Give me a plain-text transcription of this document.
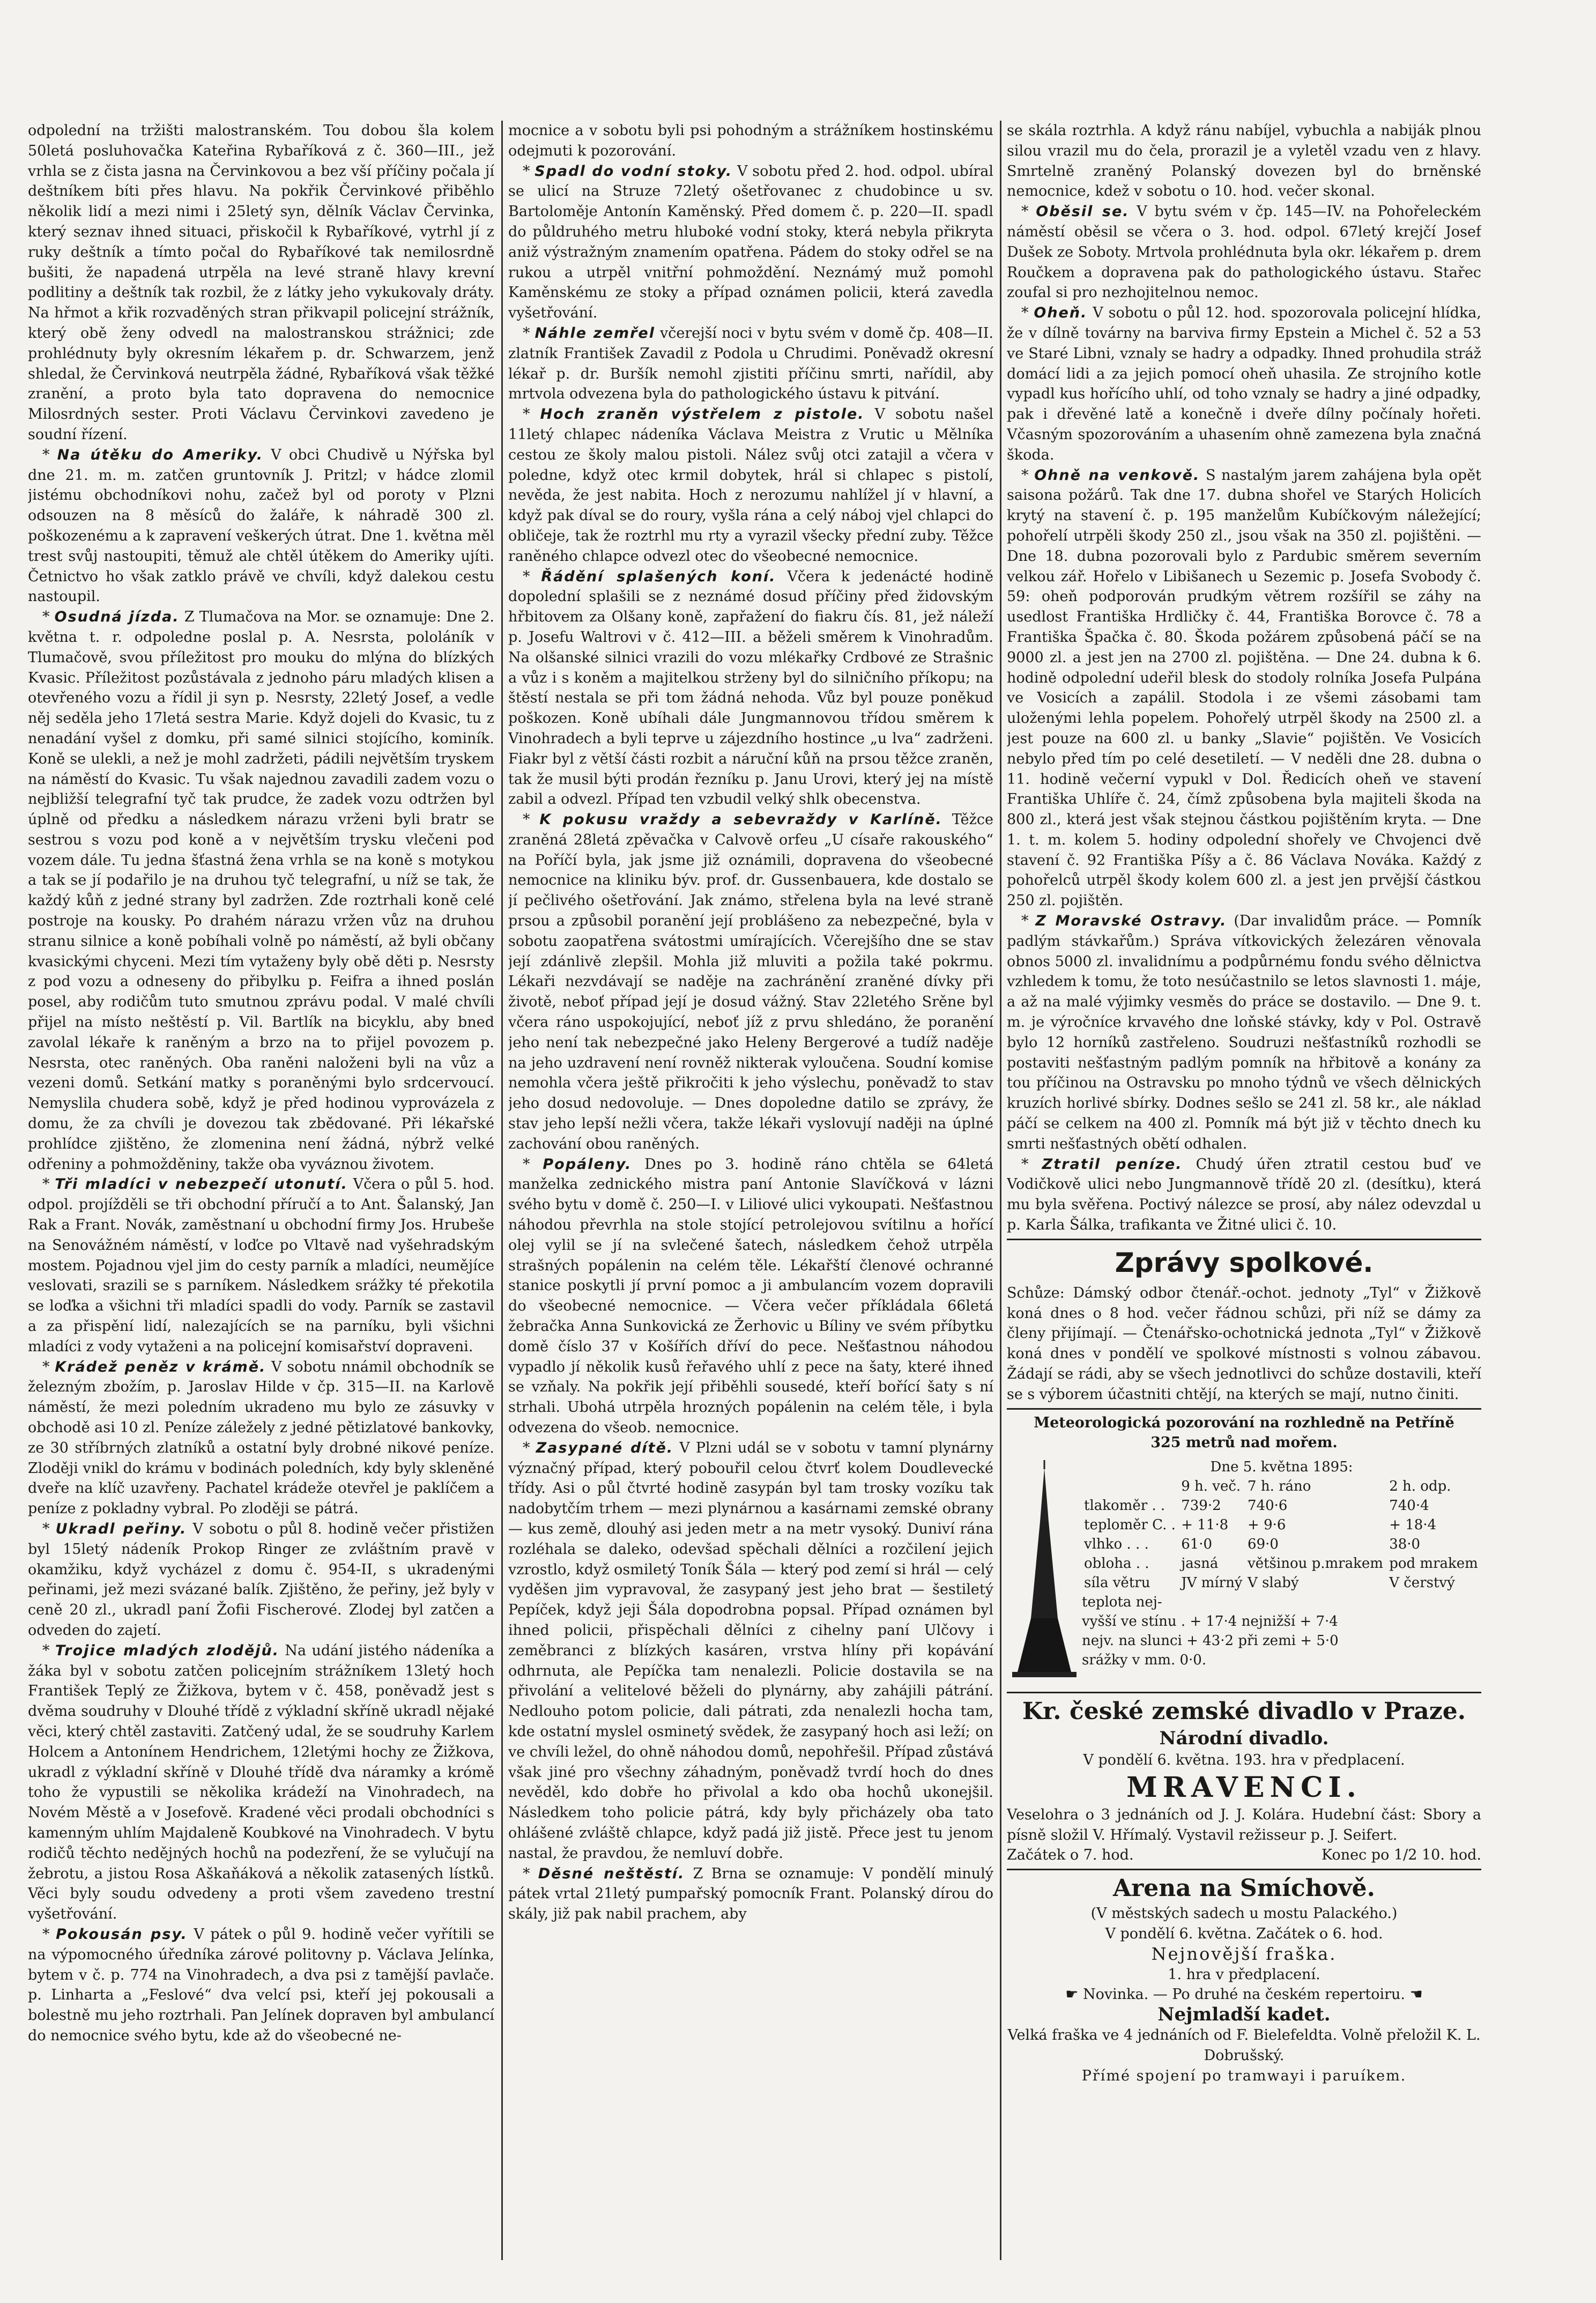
odpolední na tržišti malostranském. Tou dobou šla kolem 50letá posluhovačka Kateřina Rybaříková z č. 360—III., jež vrhla se z čista jasna na Červinkovou a bez vší příčiny počala jí deštníkem bíti přes hlavu. Na pokřik Červinkové přiběhlo několik lidí a mezi nimi i 25letý syn, dělník Václav Červinka, který seznav ihned situaci, přiskočil k Rybaříkové, vytrhl jí z ruky deštník a tímto počal do Rybaříkové tak nemilosrdně bušiti, že napadená utrpěla na levé straně hlavy krevní podlitiny a deštník tak rozbil, že z látky jeho vykukovaly dráty. Na hřmot a křik rozvaděných stran přikvapil policejní strážník, který obě ženy odvedl na malostranskou strážnici; zde prohlédnuty byly okresním lékařem p. dr. Schwarzem, jenž shledal, že Červinková neutrpěla žádné, Rybaříková však těžké zranění, a proto byla tato dopravena do nemocnice Milosrdných sester. Proti Václavu Červinkovi zavedeno je soudní řízení.

 * Na útěku do Ameriky. V obci Chudivě u Nýřska byl dne 21. m. m. zatčen gruntovník J. Pritzl; v hádce zlomil jistému obchodníkovi nohu, začež byl od poroty v Plzni odsouzen na 8 měsíců do žaláře, k náhradě 300 zl. poškozenému a k zapravení veškerých útrat. Dne 1. května měl trest svůj nastoupiti, těmuž ale chtěl útěkem do Ameriky ujíti. Četnictvo ho však zatklo právě ve chvíli, když dalekou cestu nastoupil.

 * Osudná jízda. Z Tlumačova na Mor. se oznamuje: Dne 2. května t. r. odpoledne poslal p. A. Nesrsta, pololáník v Tlumačově, svou příležitost pro mouku do mlýna do blízkých Kvasic. Příležitost pozůstávala z jednoho páru mladých klisen a otevřeného vozu a řídil ji syn p. Nesrsty, 22letý Josef, a vedle něj seděla jeho 17letá sestra Marie. Když dojeli do Kvasic, tu z nenadání vyšel z domku, při samé silnici stojícího, kominík. Koně se ulekli, a než je mohl zadržeti, pádili největším tryskem na náměstí do Kvasic. Tu však najednou zavadili zadem vozu o nejbližší telegrafní tyč tak prudce, že zadek vozu odtržen byl úplně od předku a následkem nárazu vrženi byli bratr se sestrou s vozu pod koně a v největším trysku vlečeni pod vozem dále. Tu jedna šťastná žena vrhla se na koně s motykou a tak se jí podařilo je na druhou tyč telegrafní, u níž se tak, že každý kůň z jedné strany byl zadržen. Zde roztrhali koně celé postroje na kousky. Po drahém nárazu vržen vůz na druhou stranu silnice a koně pobíhali volně po náměstí, až byli občany kvasickými chyceni. Mezi tím vytaženy byly obě děti p. Nesrsty z pod vozu a odneseny do přibylku p. Feifra a ihned poslán posel, aby rodičům tuto smutnou zprávu podal. V malé chvíli přijel na místo neštěstí p. Vil. Bartlík na bicyklu, aby bned zavolal lékaře k raněným a brzo na to přijel povozem p. Nesrsta, otec raněných. Oba raněni naloženi byli na vůz a vezeni domů. Setkání matky s poraněnými bylo srdcervoucí. Nemyslila chudera sobě, když je před hodinou vyprovázela z domu, že za chvíli je dovezou tak zbědované. Při lékařské prohlídce zjištěno, že zlomenina není žádná, nýbrž velké odřeniny a pohmožděniny, takže oba vyváznou životem.

 * Tři mladíci v nebezpečí utonutí. Včera o půl 5. hod. odpol. projížděli se tři obchodní příručí a to Ant. Šalanský, Jan Rak a Frant. Novák, zaměstnaní u obchodní firmy Jos. Hrubeše na Senovážném náměstí, v loďce po Vltavě nad vyšehradským mostem. Pojadnou vjel jim do cesty parník a mladíci, neumějíce veslovati, srazili se s parníkem. Následkem srážky té překotila se loďka a všichni tři mladíci spadli do vody. Parník se zastavil a za přispění lidí, nalezajících se na parníku, byli všichni mladíci z vody vytaženi a na policejní komisařství dopraveni.

 * Krádež peněz v krámě. V sobotu nnámil obchodník se železným zbožím, p. Jaroslav Hilde v čp. 315—II. na Karlově náměstí, že mezi poledním ukradeno mu bylo ze zásuvky v obchodě asi 10 zl. Peníze záležely z jedné pětizlatové bankovky, ze 30 stříbrných zlatníků a ostatní byly drobné nikové peníze. Zloději vnikl do krámu v bodinách poledních, kdy byly skleněné dveře na klíč uzavřeny. Pachatel krádeže otevřel je paklíčem a peníze z pokladny vybral. Po zloději se pátrá.

 * Ukradl peřiny. V sobotu o půl 8. hodině večer přistižen byl 15letý nádeník Prokop Ringer ze zvláštním pravě v okamžiku, když vycházel z domu č. 954-II, s ukradenými peřinami, jež mezi svázané balík. Zjištěno, že peřiny, jež byly v ceně 20 zl., ukradl paní Žofii Fischerové. Zlodej byl zatčen a odveden do zajetí.

 * Trojice mladých zlodějů. Na udání jistého nádeníka a žáka byl v sobotu zatčen policejním strážníkem 13letý hoch František Teplý ze Žižkova, bytem v č. 458, poněvadž jest s dvěma soudruhy v Dlouhé třídě z výkladní skříně ukradl nějaké věci, který chtěl zastaviti. Zatčený udal, že se soudruhy Karlem Holcem a Antonínem Hendrichem, 12letými hochy ze Žižkova, ukradl z výkladní skříně v Dlouhé třídě dva náramky a krómě toho že vypustili se několika krádeží na Vinohradech, na Novém Městě a v Josefově. Kradené věci prodali obchodníci s kamenným uhlím Majdaleně Koubkové na Vinohradech. V bytu rodičů těchto nedějných hochů na podezření, že se vylučují na žebrotu, a jistou Rosa Aškaňáková a několik zatasených lístků. Věci byly soudu odvedeny a proti všem zavedeno trestní vyšetřování.

 * Pokousán psy. V pátek o půl 9. hodině večer vyřítili se na výpomocného úředníka zárové politovny p. Václava Jelínka, bytem v č. p. 774 na Vinohradech, a dva psi z tamější pavlače. p. Linharta a „Feslové“ dva velcí psi, kteří jej pokousali a bolestně mu jeho roztrhali. Pan Jelínek dopraven byl ambulancí do nemocnice svého bytu, kde až do všeobecné ne-

mocnice a v sobotu byli psi pohodným a strážníkem hostinskému odejmuti k pozorování.

 * Spadl do vodní stoky. V sobotu před 2. hod. odpol. ubíral se ulicí na Struze 72letý ošetřovanec z chudobince u sv. Bartoloměje Antonín Kaměnský. Před domem č. p. 220—II. spadl do půldruhého metru hluboké vodní stoky, která nebyla přikryta aniž výstražným znamením opatřena. Pádem do stoky odřel se na rukou a utrpěl vnitřní pohmoždění. Neznámý muž pomohl Kaměnskému ze stoky a případ oznámen policii, která zavedla vyšetřování.

 * Náhle zemřel včerejší noci v bytu svém v domě čp. 408—II. zlatník František Zavadil z Podola u Chrudimi. Poněvadž okresní lékař p. dr. Buršík nemohl zjistiti příčinu smrti, nařídil, aby mrtvola odvezena byla do pathologického ústavu k pitvání.

 * Hoch zraněn výstřelem z pistole. V sobotu našel 11letý chlapec nádeníka Václava Meistra z Vrutic u Mělníka cestou ze školy malou pistoli. Nález svůj otci zatajil a včera v poledne, když otec krmil dobytek, hrál si chlapec s pistolí, nevěda, že jest nabita. Hoch z nerozumu nahlížel jí v hlavní, a když pak díval se do roury, vyšla rána a celý náboj vjel chlapci do obličeje, tak že roztrhl mu rty a vyrazil všecky přední zuby. Těžce raněného chlapce odvezl otec do všeobecné nemocnice.

 * Řádění splašených koní. Včera k jedenácté hodině dopolední splašili se z neznámé dosud příčiny před židovským hřbitovem za Olšany koně, zapřažení do fiakru čís. 81, jež náleží p. Josefu Waltrovi v č. 412—III. a běželi směrem k Vinohradům. Na olšanské silnici vrazili do vozu mlékařky Crdbové ze Strašnic a vůz i s koněm a majitelkou strženy byl do silničního příkopu; na štěstí nestala se při tom žádná nehoda. Vůz byl pouze poněkud poškozen. Koně ubíhali dále Jungmannovou třídou směrem k Vinohradech a byli teprve u zájezdního hostince „u lva“ zadrženi. Fiakr byl z větší části rozbit a náruční kůň na prsou těžce zraněn, tak že musil býti prodán řezníku p. Janu Urovi, který jej na místě zabil a odvezl. Případ ten vzbudil velký shlk obecenstva.

 * K pokusu vraždy a sebevraždy v Karlíně. Těžce zraněná 28letá zpěvačka v Calvově orfeu „U císaře rakouského“ na Poříčí byla, jak jsme již oznámili, dopravena do všeobecné nemocnice na kliniku býv. prof. dr. Gussenbauera, kde dostalo se jí pečlivého ošetřování. Jak známo, střelena byla na levé straně prsou a způsobil poranění její problášeno za nebezpečné, byla v sobotu zaopatřena svátostmi umírajících. Včerejšího dne se stav její zdánlivě zlepšil. Mohla již mluviti a požila také pokrmu. Lékaři nezvdávají se naděje na zachránění zraněné dívky při životě, neboť případ její je dosud vážný. Stav 22letého Srěne byl včera ráno uspokojující, neboť jíž z prvu shledáno, že poranění jeho není tak nebezpečné jako Heleny Bergerové a tudíž naděje na jeho uzdravení není rovněž nikterak vyloučena. Soudní komise nemohla včera ještě přikročiti k jeho výslechu, poněvadž to stav jeho dosud nedovoluje. — Dnes dopoledne datilo se zprávy, že stav jeho lepší nežli včera, takže lékaři vyslovují naději na úplné zachování obou raněných.

 * Popáleny. Dnes po 3. hodině ráno chtěla se 64letá manželka zednického mistra paní Antonie Slavíčková v lázni svého bytu v domě č. 250—I. v Liliové ulici vykoupati. Nešťastnou náhodou převrhla na stole stojící petrolejovou svítilnu a hořící olej vylil se jí na svlečené šatech, následkem čehož utrpěla strašných popálenin na celém těle. Lékařští členové ochranné stanice poskytli jí první pomoc a ji ambulancím vozem dopravili do všeobecné nemocnice. — Včera večer příkládala 66letá žebračka Anna Sunkovická ze Žerhovic u Bíliny ve svém příbytku domě číslo 37 v Košířích dříví do pece. Nešťastnou náhodou vypadlo jí několik kusů řeřavého uhlí z pece na šaty, které ihned se vzňaly. Na pokřik její přiběhli sousedé, kteří bořící šaty s ní strhali. Ubohá utrpěla hrozných popálenin na celém těle, i byla odvezena do všeob. nemocnice.

 * Zasypané dítě. V Plzni udál se v sobotu v tamní plynárny význačný případ, který pobouřil celou čtvrť kolem Doudlevecké třídy. Asi o půl čtvrté hodině zasypán byl tam trosky vozíku tak nadobytčím trhem — mezi plynárnou a kasárnami zemské obrany — kus země, dlouhý asi jeden metr a na metr vysoký. Duniví rána rozléhala se daleko, odevšad spěchali dělníci a rozčilení jejich vzrostlo, když osmiletý Toník Šála — který pod zemí si hrál — celý vyděšen jim vypravoval, že zasypaný jest jeho brat — šestiletý Pepíček, když jeji Šála dopodrobna popsal. Případ oznámen byl ihned policii, přispěchali dělníci z cihelny paní Ulčovy i zeměbranci z blízkých kasáren, vrstva hlíny při kopávání odhrnuta, ale Pepíčka tam nenalezli. Policie dostavila se na přivolání a velitelové běželi do plynárny, aby zahájili pátrání. Nedlouho potom policie, dali pátrati, zda nenalezli hocha tam, kde ostatní myslel osminetý svědek, že zasypaný hoch asi leží; on ve chvíli ležel, do ohně náhodou domů, nepohřešil. Případ zůstává však jiné pro všechny záhadným, poněvadž tvrdí hoch do dnes nevěděl, kdo dobře ho přivolal a kdo oba hochů ukonejšil. Následkem toho policie pátrá, kdy byly přicházely oba tato ohlášené zvláště chlapce, když padá již jistě. Přece jest tu jenom nastal, že pravdou, že nemluví dobře.

 * Děsné neštěstí. Z Brna se oznamuje: V pondělí minulý pátek vrtal 21letý pumpařský pomocník Frant. Polanský dírou do skály, již pak nabil prachem, aby

se skála roztrhla. A když ránu nabíjel, vybuchla a nabiják plnou silou vrazil mu do čela, prorazil je a vyletěl vzadu ven z hlavy. Smrtelně zraněný Polanský dovezen byl do brněnské nemocnice, kdež v sobotu o 10. hod. večer skonal.

 * Oběsil se. V bytu svém v čp. 145—IV. na Pohořeleckém náměstí oběsil se včera o 3. hod. odpol. 67letý krejčí Josef Dušek ze Soboty. Mrtvola prohlédnuta byla okr. lékařem p. drem Roučkem a dopravena pak do pathologického ústavu. Stařec zoufal si pro nezhojitelnou nemoc.

 * Oheň. V sobotu o půl 12. hod. spozorovala policejní hlídka, že v dílně továrny na barviva firmy Epstein a Michel č. 52 a 53 ve Staré Libni, vznaly se hadry a odpadky. Ihned prohudila stráž domácí lidi a za jejich pomocí oheň uhasila. Ze strojního kotle vypadl kus hořícího uhlí, od toho vznaly se hadry a jiné odpadky, pak i dřevěné latě a konečně i dveře dílny počínaly hořeti. Včasným spozorováním a uhasením ohně zamezena byla značná škoda.

 * Ohně na venkově. S nastalým jarem zahájena byla opět saisona požárů. Tak dne 17. dubna shořel ve Starých Holicích krytý na stavení č. p. 195 manželům Kubíčkovým náležející; pohořelí utrpěli škody 250 zl., jsou však na 350 zl. pojištěni. — Dne 18. dubna pozorovali bylo z Pardubic směrem severním velkou zář. Hořelo v Libišanech u Sezemic p. Josefa Svobody č. 59: oheň podporován prudkým větrem rozšířil se záhy na usedlost Františka Hrdličky č. 44, Františka Borovce č. 78 a Františka Špačka č. 80. Škoda požárem způsobená páčí se na 9000 zl. a jest jen na 2700 zl. pojištěna. — Dne 24. dubna k 6. hodině odpolední udeřil blesk do stodoly rolníka Josefa Pulpána ve Vosicích a zapálil. Stodola i ze všemi zásobami tam uloženými lehla popelem. Pohořelý utrpěl škody na 2500 zl. a jest pouze na 600 zl. u banky „Slavie“ pojištěn. Ve Vosicích nebylo před tím po celé desetiletí. — V neděli dne 28. dubna o 11. hodině večerní vypukl v Dol. Ředicích oheň ve stavení Františka Uhlíře č. 24, čímž způsobena byla majiteli škoda na 800 zl., která jest však stejnou částkou pojištěním kryta. — Dne 1. t. m. kolem 5. hodiny odpolední shořely ve Chvojenci dvě stavení č. 92 Františka Píšy a č. 86 Václava Nováka. Každý z pohořelců utrpěl škody kolem 600 zl. a jest jen prvější částkou 250 zl. pojištěn.

 * Z Moravské Ostravy. (Dar invalidům práce. — Pomník padlým stávkařům.) Správa vítkovických železáren věnovala obnos 5000 zl. invalidnímu a podpůrnému fondu svého dělnictva vzhledem k tomu, že toto nesúčastnilo se letos slavnosti 1. máje, a až na malé výjimky vesměs do práce se dostavilo. — Dne 9. t. m. je výročníce krvavého dne loňské stávky, kdy v Pol. Ostravě bylo 12 horníků zastřeleno. Soudruzi nešťastníků rozhodli se postaviti nešťastným padlým pomník na hřbitově a konány za tou příčinou na Ostravsku po mnoho týdnů ve všech dělnických kruzích horlivé sbírky. Dodnes sešlo se 241 zl. 58 kr., ale náklad páčí se celkem na 400 zl. Pomník má být již v těchto dnech ku smrti nešťastných obětí odhalen.

 * Ztratil peníze. Chudý úřen ztratil cestou buď ve Vodičkově ulici nebo Jungmannově třídě 20 zl. (desítku), která mu byla svěřena. Poctivý nálezce se prosí, aby nález odevzdal u p. Karla Šálka, trafikanta ve Žitné ulici č. 10.

Zprávy spolkové.

Schůze: Dámský odbor čtenář.-ochot. jednoty „Tyl“ v Žižkově koná dnes o 8 hod. večer řádnou schůzi, při níž se dámy za členy přijímají. — Čtenářsko-ochotnická jednota „Tyl“ v Žižkově koná dnes v pondělí ve spolkové místnosti s volnou zábavou. Žádají se rádi, aby se všech jednotlivci do schůze dostavili, kteří se s výborem účastniti chtějí, na kterých se mají, nutno činiti.

Meteorologická pozorování na rozhledně na Petříně
325 metrů nad mořem.
Dne 5. května 1895:
	9 h. več.	7 h. ráno	2 h. odp.
tlakoměr . .	739·2	740·6	740·4
teploměr C. .	+ 11·8	+ 9·6	+ 18·4
vlhko . . .	61·0	69·0	38·0
obloha . .	jasná	většinou p.mrakem	pod mrakem
síla větru	JV mírný	V slabý	V čerstvý
teplota nej-
vyšší ve stínu . + 17·4 nejnižší + 7·4
nejv. na slunci + 43·2 při zemi + 5·0
srážky v mm. 0·0.
Kr. české zemské divadlo v Praze.
Národní divadlo.
V pondělí 6. května. 193. hra v předplacení.
MRAVENCI.

Veselohra o 3 jednáních od J. J. Kolára. Hudební část: Sbory a písně složil V. Hřímalý. Vystavil režisseur p. J. Seifert.

Začátek o 7. hod.	Konec po 1/2 10. hod.
Arena na Smíchově.
(V městských sadech u mostu Palackého.)
V pondělí 6. května. Začátek o 6. hod.
Nejnovější fraška.
1. hra v předplacení.
☛ Novinka. — Po druhé na českém repertoiru. ☚
Nejmladší kadet.

Velká fraška ve 4 jednáních od F. Bielefeldta. Volně přeložil K. L. Dobrušský.

Přímé spojení po tramwayi i paruíkem.
